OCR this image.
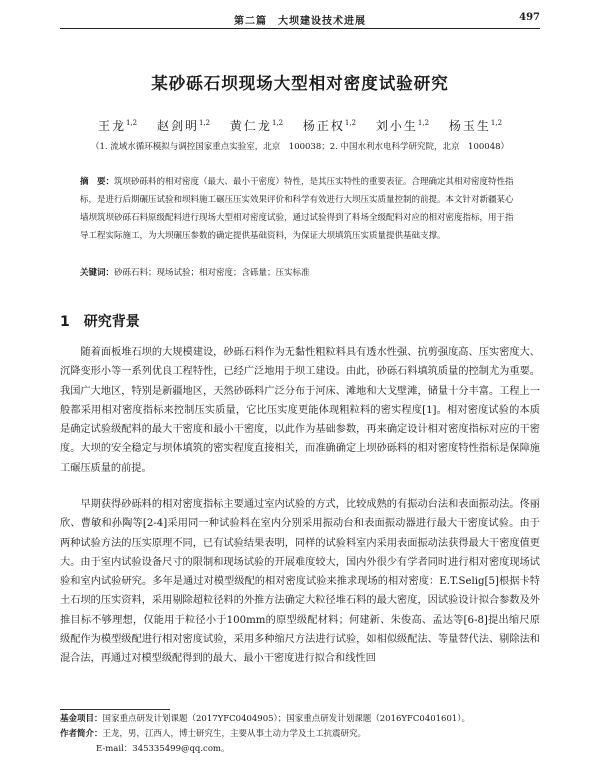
第二篇　大坝建设技术进展	497
某砂砾石坝现场大型相对密度试验研究
王龙$^{1,2}$　 赵剑明$^{1,2}$　 黄仁龙$^{1,2}$　 杨正权$^{1,2}$　 刘小生$^{1,2}$　 杨玉生$^{1,2}$
（1. 流域水循环模拟与调控国家重点实验室，北京　100038；2. 中国水利水电科学研究院，北京　100048）
摘　要：筑坝砂砾料的相对密度（最大、最小干密度）特性，是其压实特性的重要表征。合理确定其相对密度特性指标，是进行后期碾压试验和坝料施工碾压压实效果评价和科学有效进行大坝压实质量控制的前提。本文针对新疆某心墙坝筑坝砂砾石料原级配料进行现场大型相对密度试验，通过试验得到了料场全级配料对应的相对密度指标，用于指导工程实际施工，为大坝碾压参数的确定提供基础资料，为保证大坝填筑压实质量提供基础支撑。
关键词：砂砾石料；现场试验；相对密度；含砾量；压实标准
1 研究背景

随着面板堆石坝的大规模建设，砂砾石料作为无黏性粗粒料具有透水性强、抗剪强度高、压实密度大、沉降变形小等一系列优良工程特性，已经广泛地用于坝工建设。由此，砂砾石料填筑质量的控制尤为重要。我国广大地区，特别是新疆地区，天然砂砾料广泛分布于河床、滩地和大戈壁滩，储量十分丰富。工程上一般都采用相对密度指标来控制压实质量，它比压实度更能体现粗粒料的密实程度[1]。相对密度试验的本质是确定试验级配料的最大干密度和最小干密度，以此作为基础参数，再来确定设计相对密度指标对应的干密度。大坝的安全稳定与坝体填筑的密实程度直接相关，而准确确定上坝砂砾料的相对密度特性指标是保障施工碾压质量的前提。

早期获得砂砾料的相对密度指标主要通过室内试验的方式，比较成熟的有振动台法和表面振动法。佟丽欣、曹敏和孙陶等[2-4]采用同一种试验料在室内分别采用振动台和表面振动器进行最大干密度试验。由于两种试验方法的压实原理不同，已有试验结果表明，同样的试验料室内采用表面振动法获得最大干密度值更大。由于室内试验设备尺寸的限制和现场试验的开展难度较大，国内外很少有学者同时进行相对密度现场试验和室内试验研究。多年是通过对模型级配的相对密度试验来推求现场的相对密度：E.T.Selig[5]根据卡特土石坝的压实资料，采用剔除超粒径料的外推方法确定大粒径堆石料的最大密度，因试验设计拟合参数及外推目标不够理想，仅能用于粒径小于100mm的原型级配材料；何建新、朱俊高、孟达等[6-8]提出缩尺原级配作为模型级配进行相对密度试验，采用多种缩尺方法进行试验，如相似级配法、等量替代法、剔除法和混合法，再通过对模型级配得到的最大、最小干密度进行拟合和线性回

基金项目：国家重点研发计划课题（2017YFC0404905）；国家重点研发计划课题（2016YFC0401601）。
作者简介：王龙，男，江西人，博士研究生，主要从事土动力学及土工抗震研究。
E-mail：345335499@qq.com。
